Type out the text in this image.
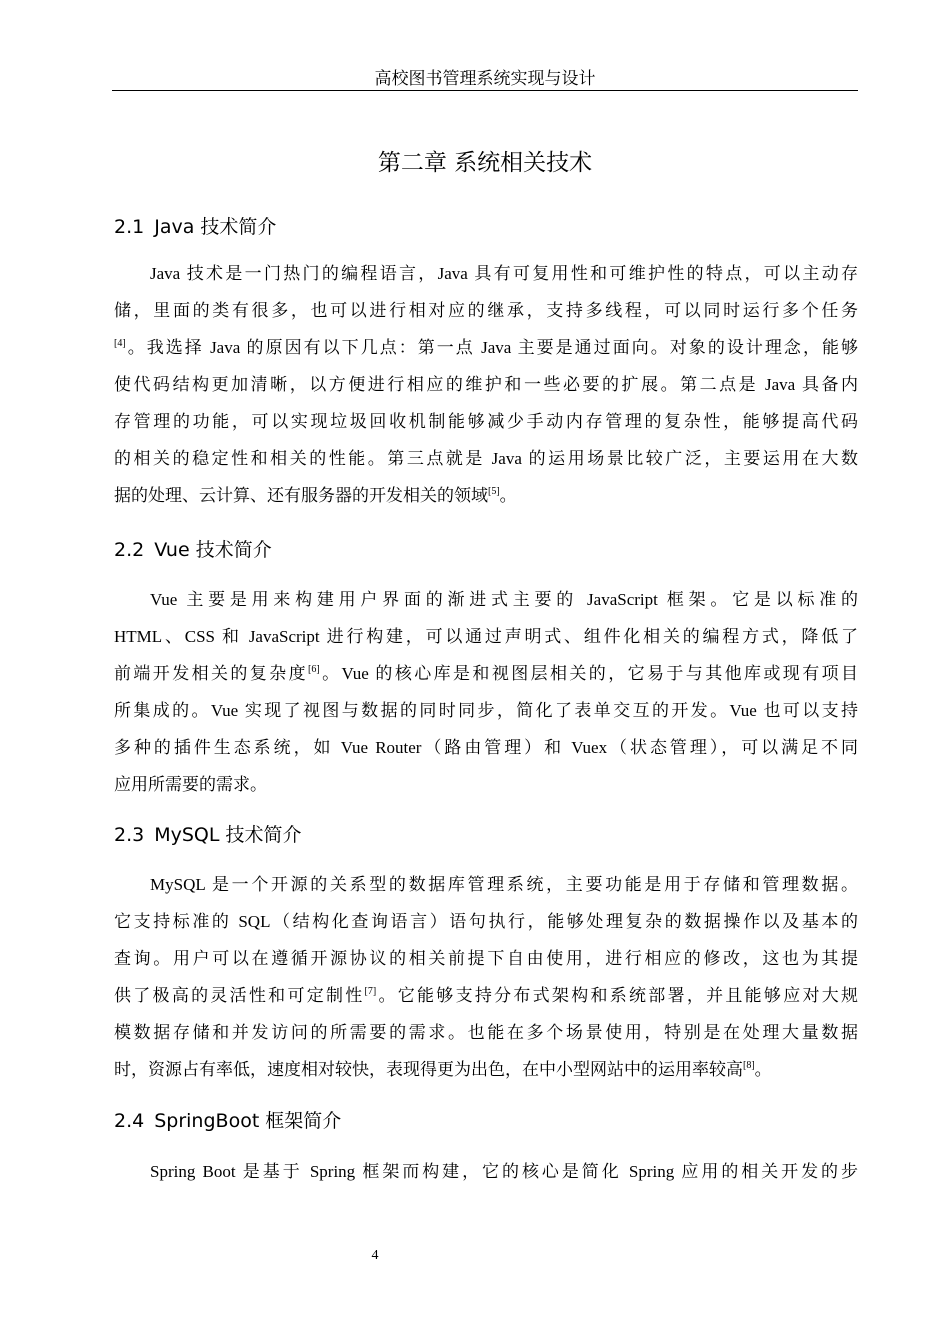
高校图书管理系统实现与设计
第二章 系统相关技术
2.1 Java 技术简介
Java 技术是一门热门的编程语言，Java 具有可复用性和可维护性的特点，可以主动存
储，里面的类有很多，也可以进行相对应的继承，支持多线程，可以同时运行多个任务
[4]。我选择 Java 的原因有以下几点：第一点 Java 主要是通过面向。对象的设计理念，能够
使代码结构更加清晰，以方便进行相应的维护和一些必要的扩展。第二点是 Java 具备内
存管理的功能，可以实现垃圾回收机制能够减少手动内存管理的复杂性，能够提高代码
的相关的稳定性和相关的性能。第三点就是 Java 的运用场景比较广泛，主要运用在大数
据的处理、云计算、还有服务器的开发相关的领域[5]。
2.2 Vue 技术简介
Vue 主要是用来构建用户界面的渐进式主要的 JavaScript 框架。它是以标准的
HTML、CSS 和 JavaScript 进行构建，可以通过声明式、组件化相关的编程方式，降低了
前端开发相关的复杂度[6]。Vue 的核心库是和视图层相关的，它易于与其他库或现有项目
所集成的。Vue 实现了视图与数据的同时同步，简化了表单交互的开发。Vue 也可以支持
多种的插件生态系统，如 Vue Router（路由管理）和 Vuex（状态管理），可以满足不同
应用所需要的需求。
2.3 MySQL 技术简介
MySQL 是一个开源的关系型的数据库管理系统，主要功能是用于存储和管理数据。
它支持标准的 SQL（结构化查询语言）语句执行，能够处理复杂的数据操作以及基本的
查询。用户可以在遵循开源协议的相关前提下自由使用，进行相应的修改，这也为其提
供了极高的灵活性和可定制性[7]。它能够支持分布式架构和系统部署，并且能够应对大规
模数据存储和并发访问的所需要的需求。也能在多个场景使用，特别是在处理大量数据
时，资源占有率低，速度相对较快，表现得更为出色，在中小型网站中的运用率较高[8]。
2.4 SpringBoot 框架简介
Spring Boot 是基于 Spring 框架而构建，它的核心是简化 Spring 应用的相关开发的步
4
